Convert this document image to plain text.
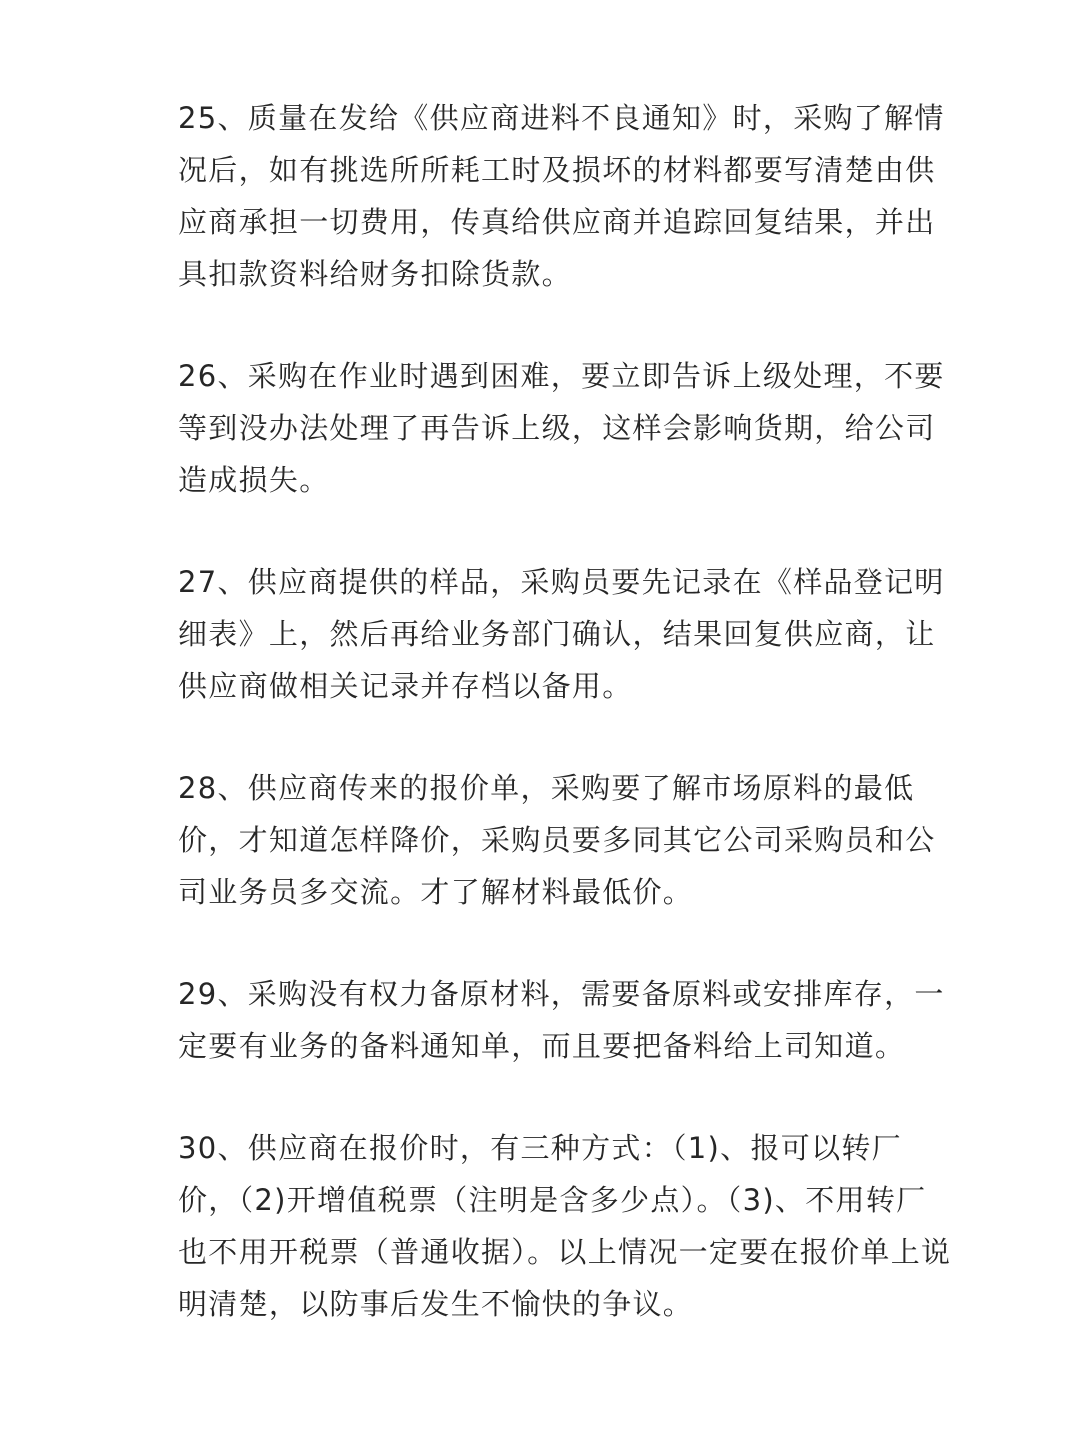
25、质量在发给《供应商进料不良通知》时，采购了解情
况后，如有挑选所所耗工时及损坏的材料都要写清楚由供
应商承担一切费用，传真给供应商并追踪回复结果，并出
具扣款资料给财务扣除货款。
26、采购在作业时遇到困难，要立即告诉上级处理，不要
等到没办法处理了再告诉上级，这样会影响货期，给公司
造成损失。
27、供应商提供的样品，采购员要先记录在《样品登记明
细表》上，然后再给业务部门确认，结果回复供应商，让
供应商做相关记录并存档以备用。
28、供应商传来的报价单，采购要了解市场原料的最低
价，才知道怎样降价，采购员要多同其它公司采购员和公
司业务员多交流。才了解材料最低价。
29、采购没有权力备原材料，需要备原料或安排库存，一
定要有业务的备料通知单，而且要把备料给上司知道。
30、供应商在报价时，有三种方式：（1)、报可以转厂
价，（2)开增值税票（注明是含多少点）。（3)、不用转厂
也不用开税票（普通收据）。以上情况一定要在报价单上说
明清楚，以防事后发生不愉快的争议。
